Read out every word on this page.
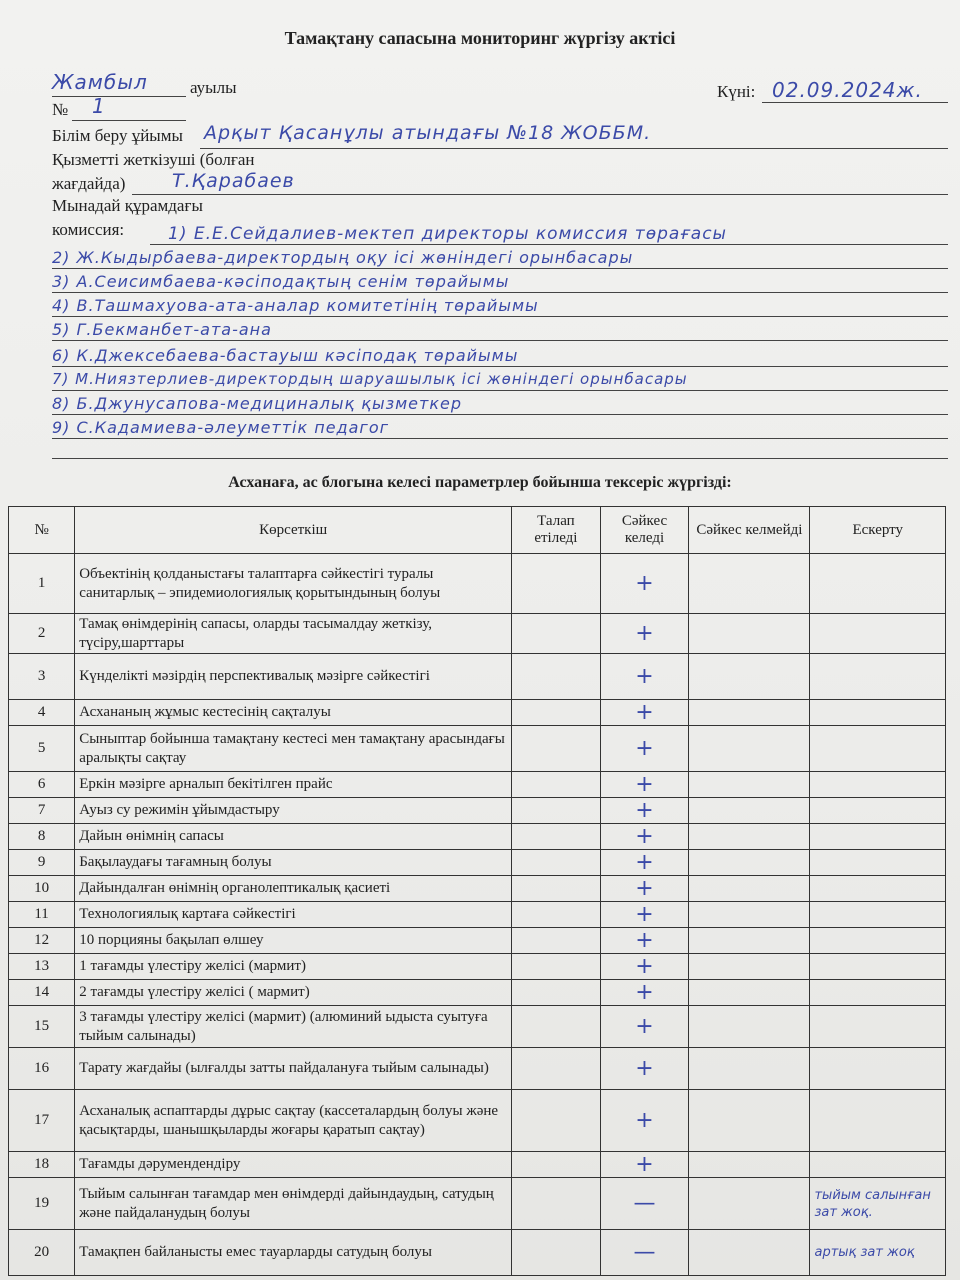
Тамақтану сапасына мониторинг жүргізу актісі
Жамбыл ауылы	Күні: 02.09.2024ж.
№ 1
Білім беру ұйымы Арқыт Қасанұлы атындағы №18 ЖОББМ.
Қызметті жеткізуші (болған
жағдайда) Т.Қарабаев
Мынадай құрамдағы
комиссия:	1) Е.Е.Сейдалиев-мектеп директоры комиссия төрағасы
2) Ж.Кыдырбаева-директордың оқу ісі жөніндегі орынбасары
3) А.Сеисимбаева-кәсіподақтың сенім төрайымы
4) В.Ташмахуова-ата-аналар комитетінің төрайымы
5) Г.Бекманбет-ата-ана
6) К.Джексебаева-бастауыш кәсіподақ төрайымы
7) М.Ниязтерлиев-директордың шаруашылық ісі жөніндегі орынбасары
8) Б.Джунусапова-медициналық қызметкер
9) С.Кадамиева-әлеуметтік педагог
Асханаға, ас блогына келесі параметрлер бойынша тексеріс жүргізді:
№	Көрсеткіш	Талап етіледі	Сәйкес келеді	Сәйкес келмейді	Ескерту
1	Объектінің қолданыстағы талаптарға сәйкестігі туралы санитарлық – эпидемиологиялық қорытындының болуы		+		
2	Тамақ өнімдерінің сапасы, оларды тасымалдау жеткізу, түсіру,шарттары		+		
3	Күнделікті мәзірдің перспективалық мәзірге сәйкестігі		+		
4	Асхананың жұмыс кестесінің сақталуы		+		
5	Сыныптар бойынша тамақтану кестесі мен тамақтану арасындағы аралықты сақтау		+		
6	Еркін мәзірге арналып бекітілген прайс		+		
7	Ауыз су режимін ұйымдастыру		+		
8	Дайын өнімнің сапасы		+		
9	Бақылаудағы тағамның болуы		+		
10	Дайындалған өнімнің органолептикалық қасиеті		+		
11	Технологиялық картаға сәйкестігі		+		
12	10 порцияны бақылап өлшеу		+		
13	1 тағамды үлестіру желісі (мармит)		+		
14	2 тағамды үлестіру желісі ( мармит)		+		
15	3 тағамды үлестіру желісі (мармит) (алюминий ыдыста суытуға тыйым салынады)		+		
16	Тарату жағдайы (ылғалды затты пайдалануға тыйым салынады)		+		
17	Асханалық аспаптарды дұрыс сақтау (кассеталардың болуы және қасықтарды, шанышқыларды жоғары қаратып сақтау)		+		
18	Тағамды дәрумендендіру		+		
19	Тыйым салынған тағамдар мен өнімдерді дайындаудың, сатудың және пайдаланудың болуы		—		тыйым салынған зат жоқ.
20	Тамақпен байланысты емес тауарларды сатудың болуы		—		артық зат жоқ
